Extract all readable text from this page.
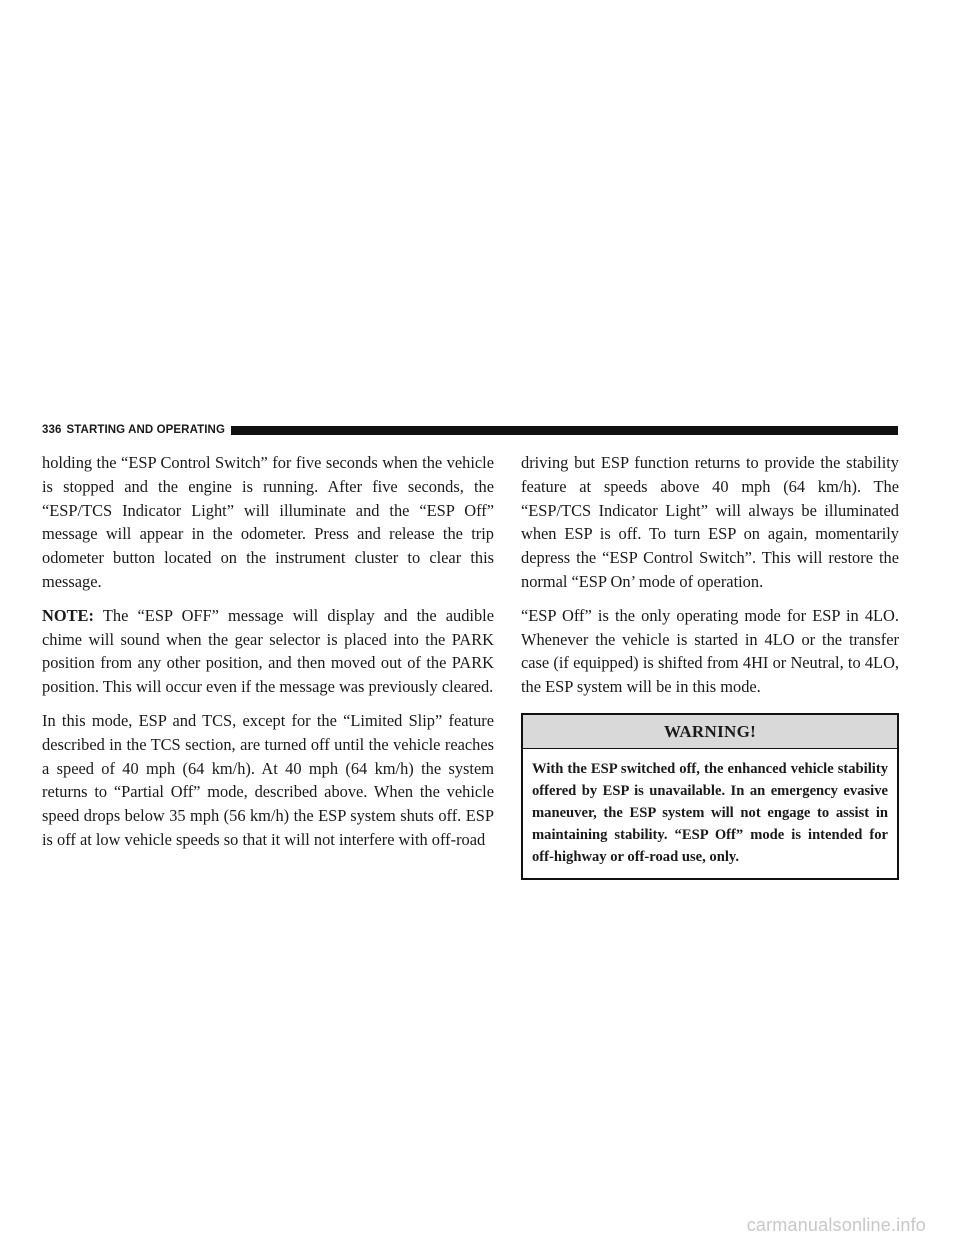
336 STARTING AND OPERATING

holding the “ESP Control Switch” for five seconds when the vehicle is stopped and the engine is running. After five seconds, the “ESP/TCS Indicator Light” will illuminate and the “ESP Off” message will appear in the odometer. Press and release the trip odometer button located on the instrument cluster to clear this message.

NOTE: The “ESP OFF” message will display and the audible chime will sound when the gear selector is placed into the PARK position from any other position, and then moved out of the PARK position. This will occur even if the message was previously cleared.

In this mode, ESP and TCS, except for the “Limited Slip” feature described in the TCS section, are turned off until the vehicle reaches a speed of 40 mph (64 km/h). At 40 mph (64 km/h) the system returns to “Partial Off” mode, described above. When the vehicle speed drops below 35 mph (56 km/h) the ESP system shuts off. ESP is off at low vehicle speeds so that it will not interfere with off-road

driving but ESP function returns to provide the stability feature at speeds above 40 mph (64 km/h). The “ESP/TCS Indicator Light” will always be illuminated when ESP is off. To turn ESP on again, momentarily depress the “ESP Control Switch”. This will restore the normal “ESP On’ mode of operation.

“ESP Off” is the only operating mode for ESP in 4LO. Whenever the vehicle is started in 4LO or the transfer case (if equipped) is shifted from 4HI or Neutral, to 4LO, the ESP system will be in this mode.

WARNING!
With the ESP switched off, the enhanced vehicle stability offered by ESP is unavailable. In an emergency evasive maneuver, the ESP system will not engage to assist in maintaining stability. “ESP Off” mode is intended for off-highway or off-road use, only.
carmanualsonline.info
